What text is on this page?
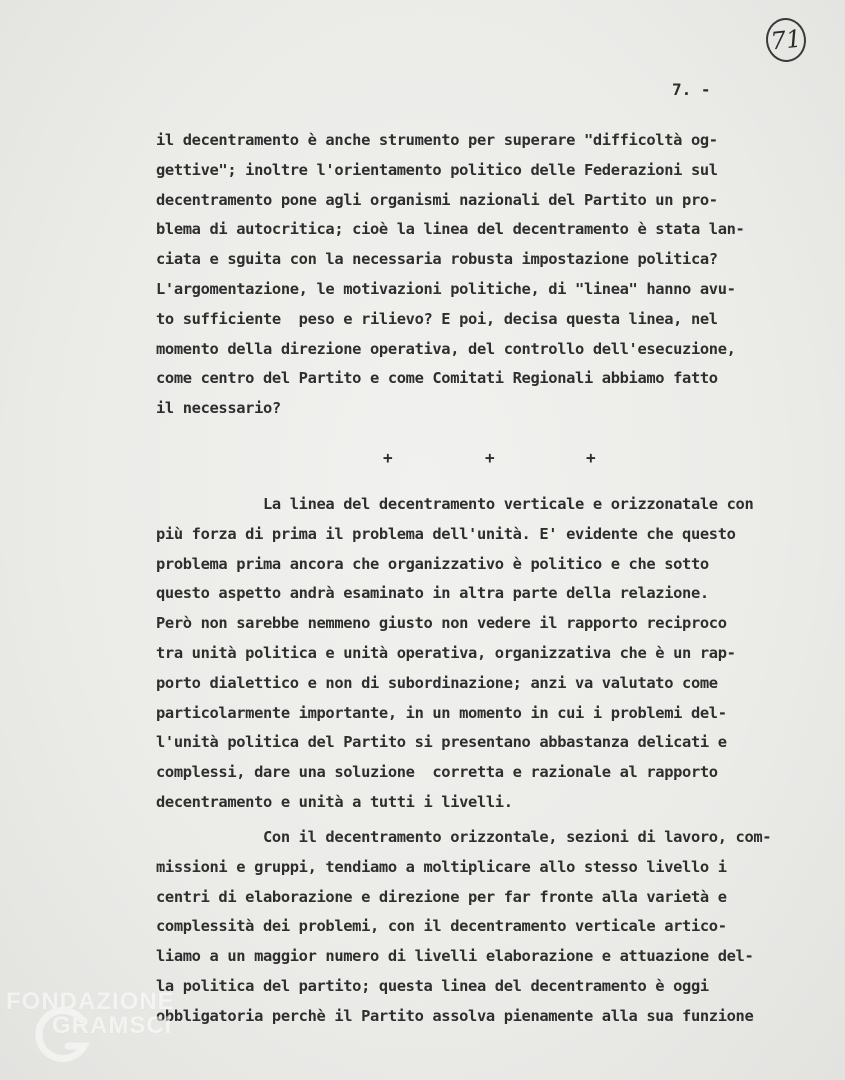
71
7. -
il decentramento è anche strumento per superare "difficoltà og-
gettive"; inoltre l'orientamento politico delle Federazioni sul
decentramento pone agli organismi nazionali del Partito un pro-
blema di autocritica; cioè la linea del decentramento è stata lan-
ciata e sguita con la necessaria robusta impostazione politica?
L'argomentazione, le motivazioni politiche, di "linea" hanno avu-
to sufficiente  peso e rilievo? E poi, decisa questa linea, nel
momento della direzione operativa, del controllo dell'esecuzione,
come centro del Partito e come Comitati Regionali abbiamo fatto
il necessario?
+	+	+
La linea del decentramento verticale e orizzonatale con
più forza di prima il problema dell'unità. E' evidente che questo
problema prima ancora che organizzativo è politico e che sotto
questo aspetto andrà esaminato in altra parte della relazione.
Però non sarebbe nemmeno giusto non vedere il rapporto reciproco
tra unità politica e unità operativa, organizzativa che è un rap-
porto dialettico e non di subordinazione; anzi va valutato come
particolarmente importante, in un momento in cui i problemi del-
l'unità politica del Partito si presentano abbastanza delicati e
complessi, dare una soluzione  corretta e razionale al rapporto
decentramento e unità a tutti i livelli.
Con il decentramento orizzontale, sezioni di lavoro, com-
missioni e gruppi, tendiamo a moltiplicare allo stesso livello i
centri di elaborazione e direzione per far fronte alla varietà e
complessità dei problemi, con il decentramento verticale artico-
liamo a un maggior numero di livelli elaborazione e attuazione del-
la politica del partito; questa linea del decentramento è oggi
obbligatoria perchè il Partito assolva pienamente alla sua funzione
FONDAZIONE
GRAMSCI
